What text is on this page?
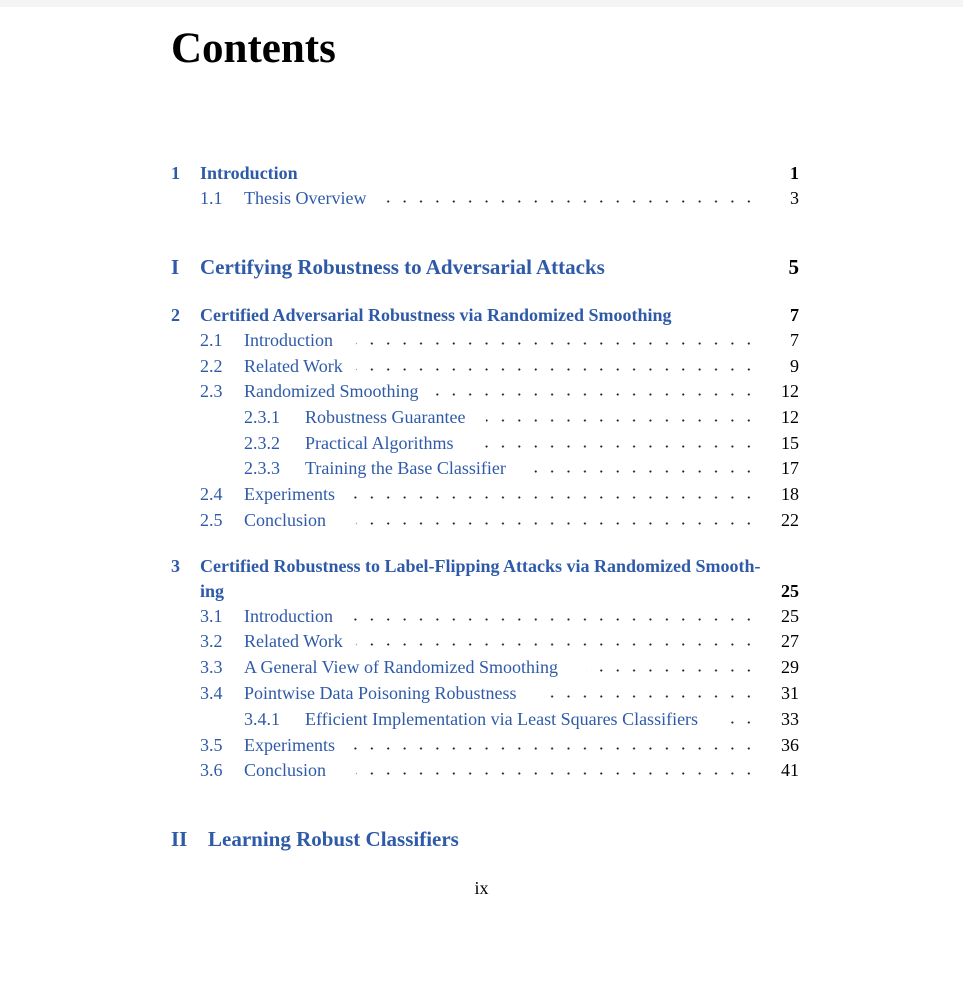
Contents
1 Introduction	1
1.1 Thesis Overview	3
I Certifying Robustness to Adversarial Attacks	5
2 Certified Adversarial Robustness via Randomized Smoothing	7
2.1 Introduction	7
2.2 Related Work	9
2.3 Randomized Smoothing	12
2.3.1 Robustness Guarantee	12
2.3.2 Practical Algorithms	15
2.3.3 Training the Base Classifier	17
2.4 Experiments	18
2.5 Conclusion	22
3 Certified Robustness to Label-Flipping Attacks via Randomized Smooth-
ing	25
3.1 Introduction	25
3.2 Related Work	27
3.3 A General View of Randomized Smoothing	29
3.4 Pointwise Data Poisoning Robustness	31
3.4.1 Efficient Implementation via Least Squares Classifiers	33
3.5 Experiments	36
3.6 Conclusion	41
II Learning Robust Classifiers
ix
